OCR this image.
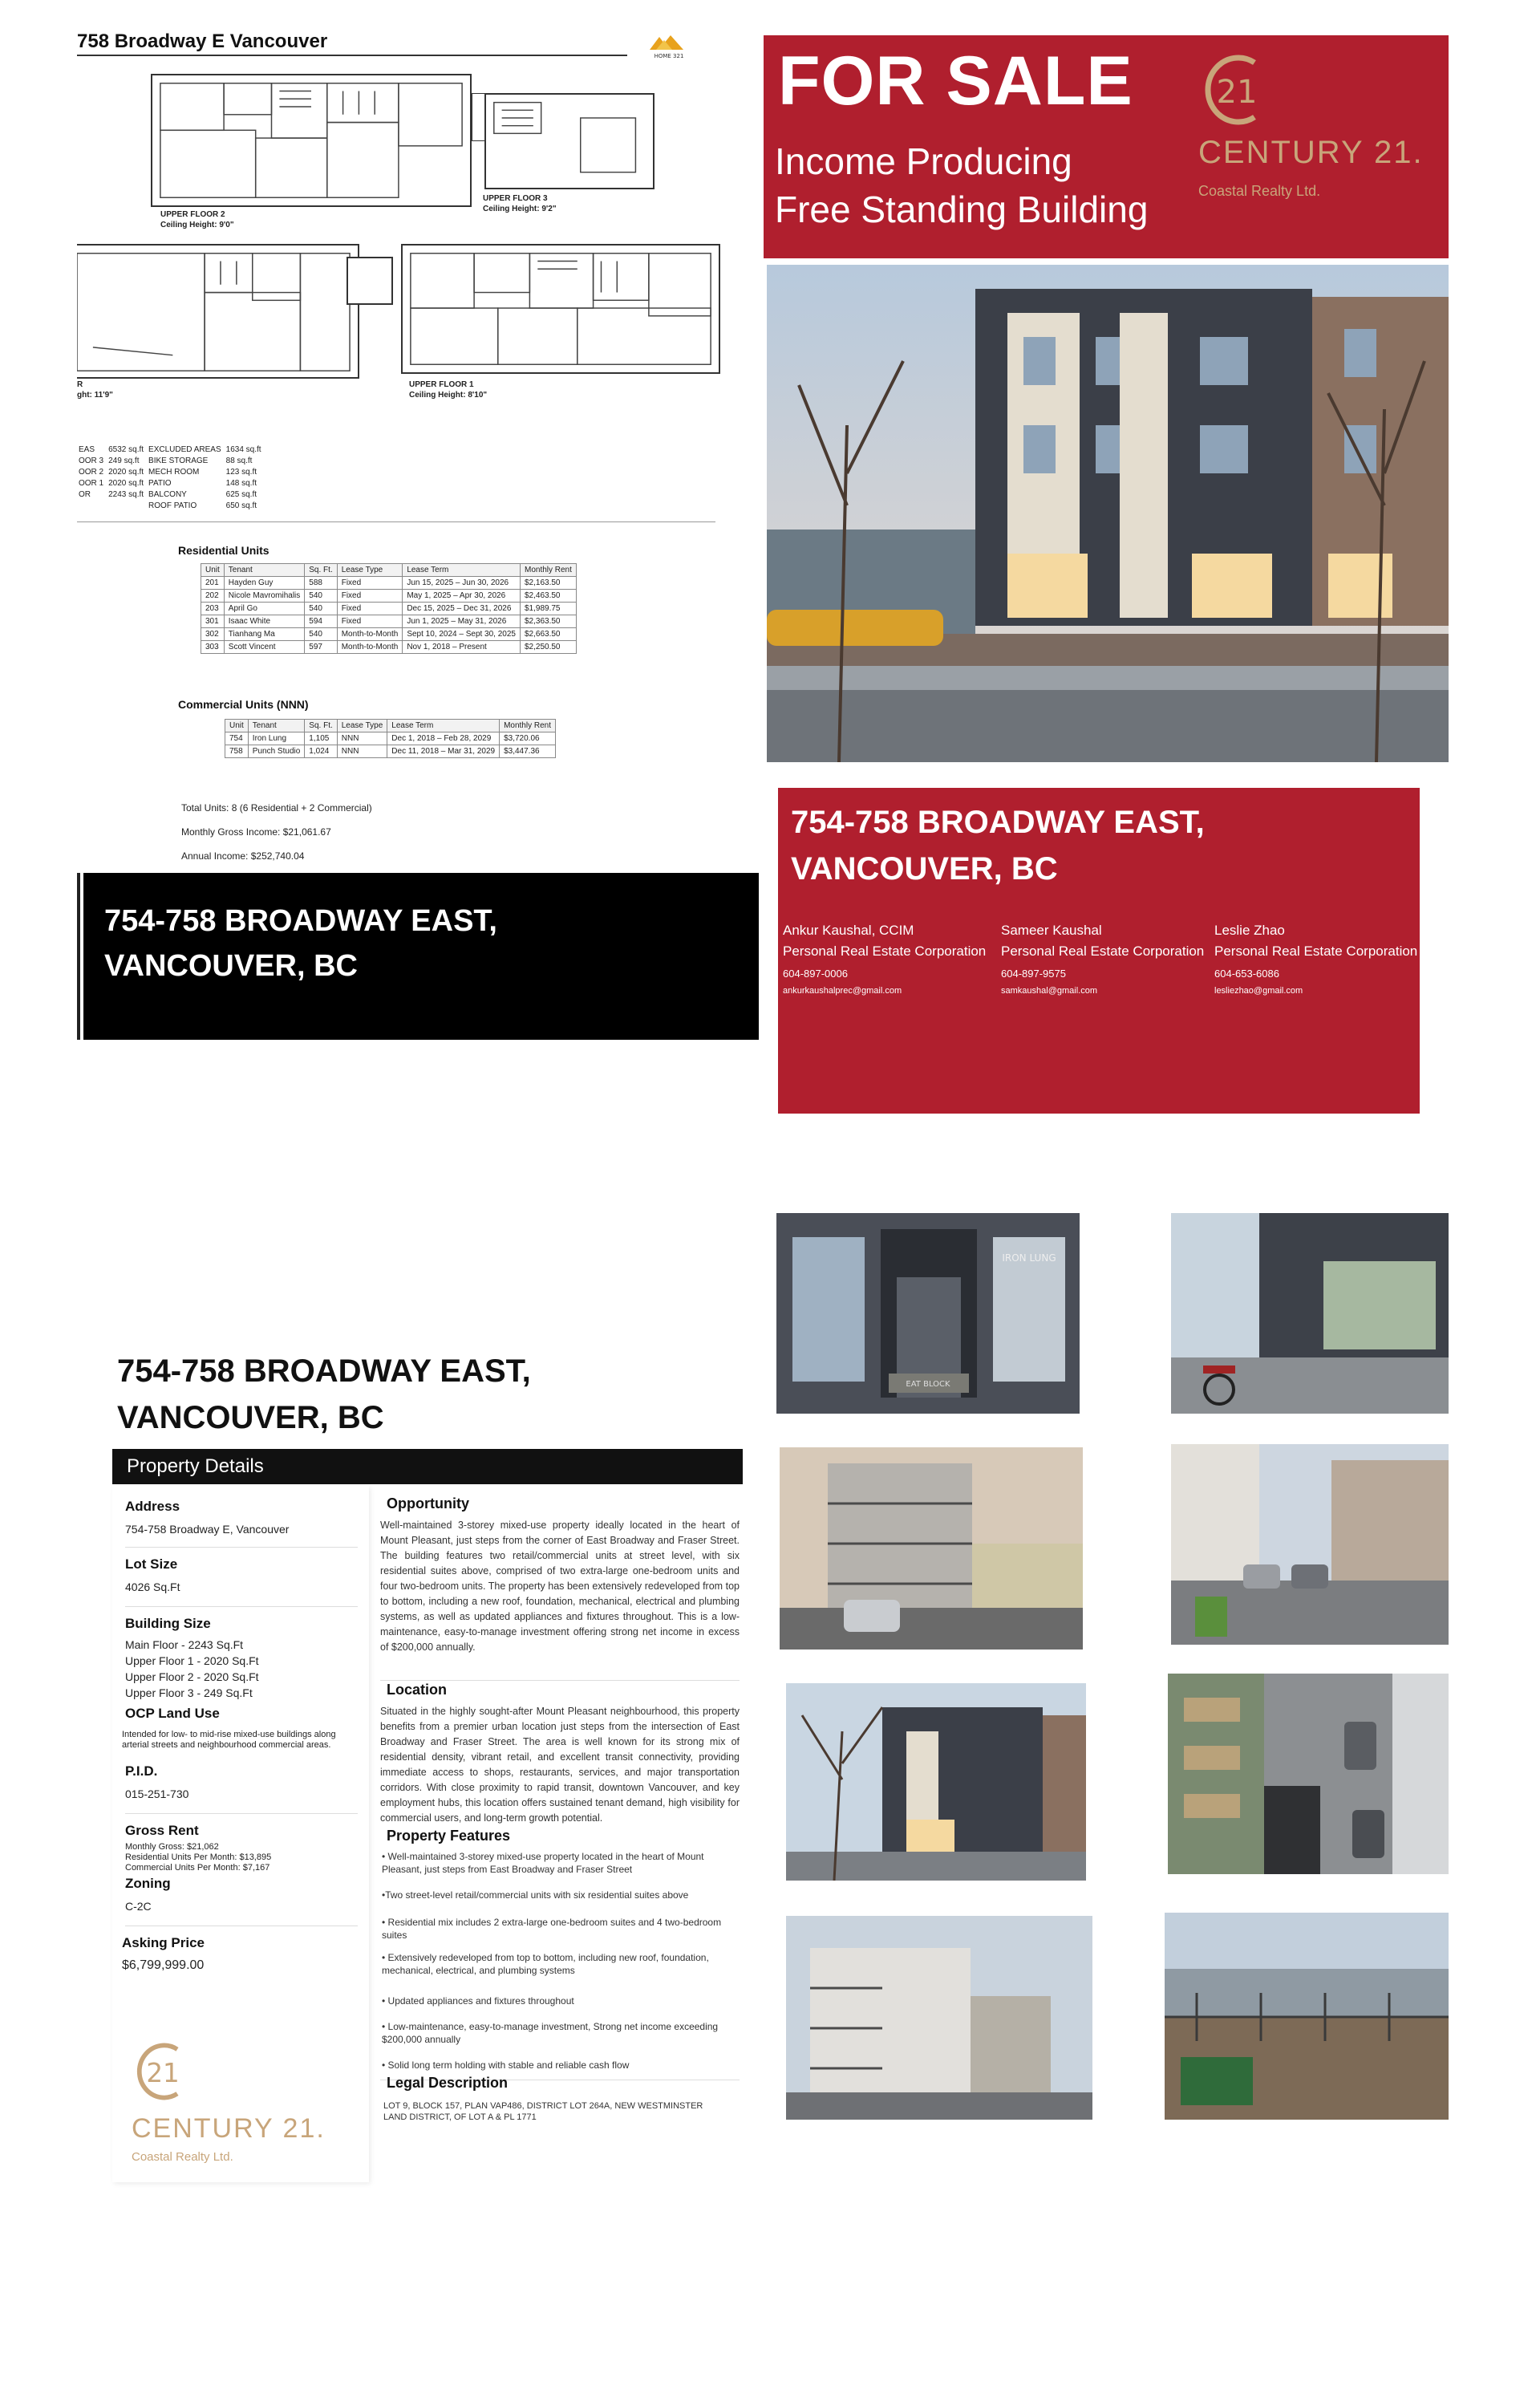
758 Broadway E Vancouver
HOME 321
UPPER FLOOR 2
Ceiling Height: 9'0"
UPPER FLOOR 3
Ceiling Height: 9'2"
R
ght: 11'9"
UPPER FLOOR 1
Ceiling Height: 8'10"
EAS	6532 sq.ft	EXCLUDED AREAS	1634 sq.ft
OOR 3	249 sq.ft	BIKE STORAGE	88 sq.ft
OOR 2	2020 sq.ft	MECH ROOM	123 sq.ft
OOR 1	2020 sq.ft	PATIO	148 sq.ft
OR	2243 sq.ft	BALCONY	625 sq.ft
		ROOF PATIO	650 sq.ft
Residential Units
Unit	Tenant	Sq. Ft.	Lease Type	Lease Term	Monthly Rent
201	Hayden Guy	588	Fixed	Jun 15, 2025 – Jun 30, 2026	$2,163.50
202	Nicole Mavromihalis	540	Fixed	May 1, 2025 – Apr 30, 2026	$2,463.50
203	April Go	540	Fixed	Dec 15, 2025 – Dec 31, 2026	$1,989.75
301	Isaac White	594	Fixed	Jun 1, 2025 – May 31, 2026	$2,363.50
302	Tianhang Ma	540	Month-to-Month	Sept 10, 2024 – Sept 30, 2025	$2,663.50
303	Scott Vincent	597	Month-to-Month	Nov 1, 2018 – Present	$2,250.50
Commercial Units (NNN)
Unit	Tenant	Sq. Ft.	Lease Type	Lease Term	Monthly Rent
754	Iron Lung	1,105	NNN	Dec 1, 2018 – Feb 28, 2029	$3,720.06
758	Punch Studio	1,024	NNN	Dec 11, 2018 – Mar 31, 2029	$3,447.36
Total Units: 8 (6 Residential + 2 Commercial)
Monthly Gross Income: $21,061.67
Annual Income: $252,740.04
754-758 BROADWAY EAST,
VANCOUVER, BC
FOR SALE
Income Producing
Free Standing Building
21
CENTURY 21.
Coastal Realty Ltd.
754-758 BROADWAY EAST,
VANCOUVER, BC
Ankur Kaushal, CCIM
Personal Real Estate Corporation
604-897-0006
ankurkaushalprec@gmail.com
Sameer Kaushal
Personal Real Estate Corporation
604-897-9575
samkaushal@gmail.com
Leslie Zhao
Personal Real Estate Corporation
604-653-6086
lesliezhao@gmail.com
EAT BLOCK
IRON LUNG
754-758 BROADWAY EAST,
VANCOUVER, BC
Property Details
Address
754-758 Broadway E, Vancouver
Lot Size
4026 Sq.Ft
Building Size
Main Floor - 2243 Sq.Ft
Upper Floor 1 - 2020 Sq.Ft
Upper Floor 2 - 2020 Sq.Ft
Upper Floor 3 - 249 Sq.Ft
OCP Land Use
Intended for low- to mid-rise mixed-use buildings along arterial streets and neighbourhood commercial areas.
P.I.D.
015-251-730
Gross Rent
Monthly Gross: $21,062
Residential Units Per Month: $13,895
Commercial Units Per Month: $7,167
Zoning
C-2C
Asking Price
$6,799,999.00
21
CENTURY 21.
Coastal Realty Ltd.
Opportunity
Well-maintained 3-storey mixed-use property ideally located in the heart of Mount Pleasant, just steps from the corner of East Broadway and Fraser Street. The building features two retail/commercial units at street level, with six residential suites above, comprised of two extra-large one-bedroom units and four two-bedroom units. The property has been extensively redeveloped from top to bottom, including a new roof, foundation, mechanical, electrical and plumbing systems, as well as updated appliances and fixtures throughout. This is a low-maintenance, easy-to-manage investment offering strong net income in excess of $200,000 annually.
Location
Situated in the highly sought-after Mount Pleasant neighbourhood, this property benefits from a premier urban location just steps from the intersection of East Broadway and Fraser Street. The area is well known for its strong mix of residential density, vibrant retail, and excellent transit connectivity, providing immediate access to shops, restaurants, services, and major transportation corridors. With close proximity to rapid transit, downtown Vancouver, and key employment hubs, this location offers sustained tenant demand, high visibility for commercial users, and long-term growth potential.
Property Features
• Well-maintained 3-storey mixed-use property located in the heart of Mount Pleasant, just steps from East Broadway and Fraser Street
•Two street-level retail/commercial units with six residential suites above
• Residential mix includes 2 extra-large one-bedroom suites and 4 two-bedroom suites
• Extensively redeveloped from top to bottom, including new roof, foundation, mechanical, electrical, and plumbing systems
• Updated appliances and fixtures throughout
• Low-maintenance, easy-to-manage investment, Strong net income exceeding $200,000 annually
• Solid long term holding with stable and reliable cash flow
Legal Description
LOT 9, BLOCK 157, PLAN VAP486, DISTRICT LOT 264A, NEW WESTMINSTER LAND DISTRICT, OF LOT A & PL 1771
